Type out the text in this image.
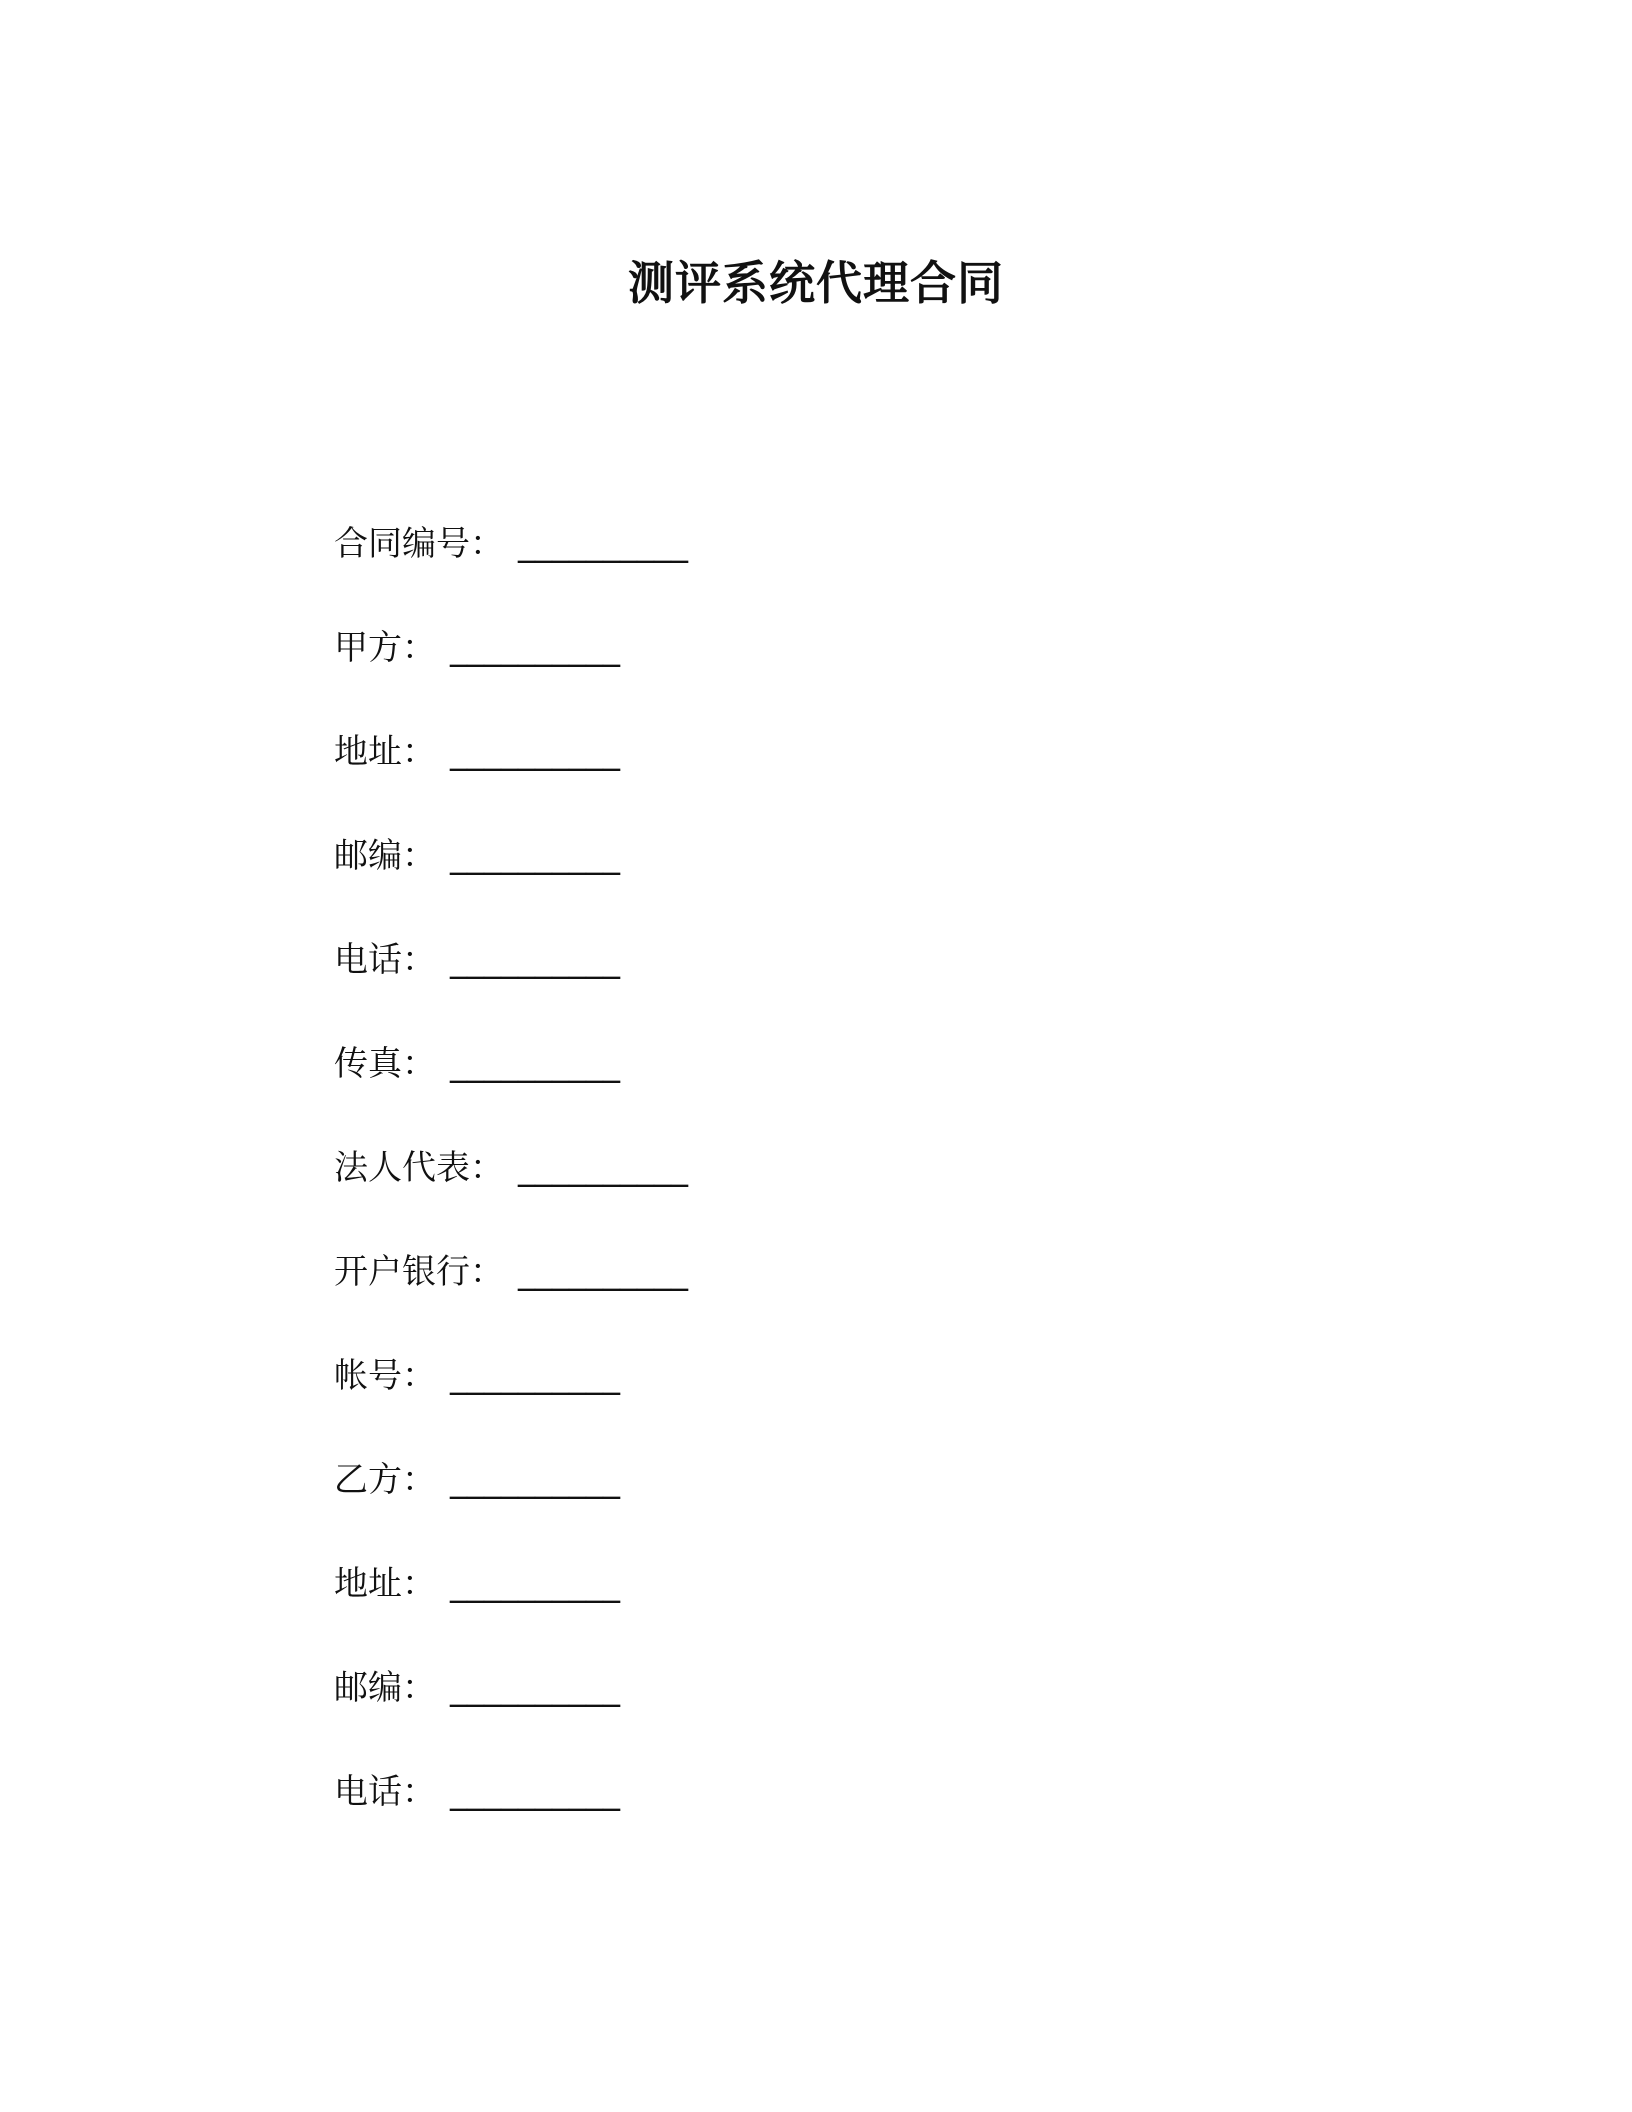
测评系统代理合同
合同编号 ： __________
甲方 ： __________
地址 ： __________
邮编 ： __________
电话 ： __________
传真 ： __________
法人代表 ： __________
开户银行 ： __________
帐号 ： __________
乙方 ： __________
地址 ： __________
邮编 ： __________
电话 ： __________
